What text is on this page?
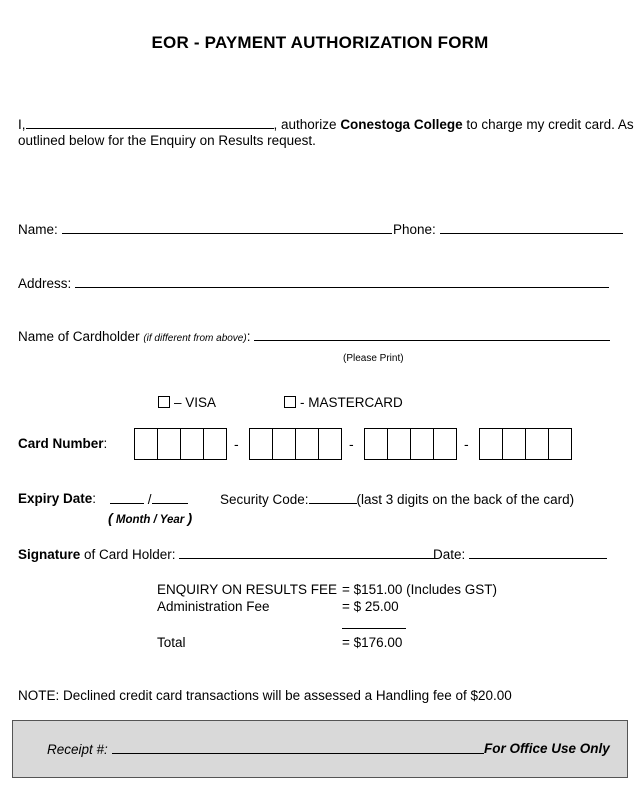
EOR - PAYMENT AUTHORIZATION FORM
I,	, authorize Conestoga College to charge my credit card. As
outlined below for the Enquiry on Results request.
Name:	Phone:
Address:
Name of Cardholder (if different from above):
(Please Print)
– VISA	- MASTERCARD
Card Number:	-	-	-
Expiry Date:	/
( Month / Year )
Security Code:	(last 3 digits on the back of the card)
Signature of Card Holder:	Date:
ENQUIRY ON RESULTS FEE = $151.00 (Includes GST)
Administration Fee	= $ 25.00
Total	= $176.00
NOTE: Declined credit card transactions will be assessed a Handling fee of $20.00
Receipt #:	For Office Use Only
